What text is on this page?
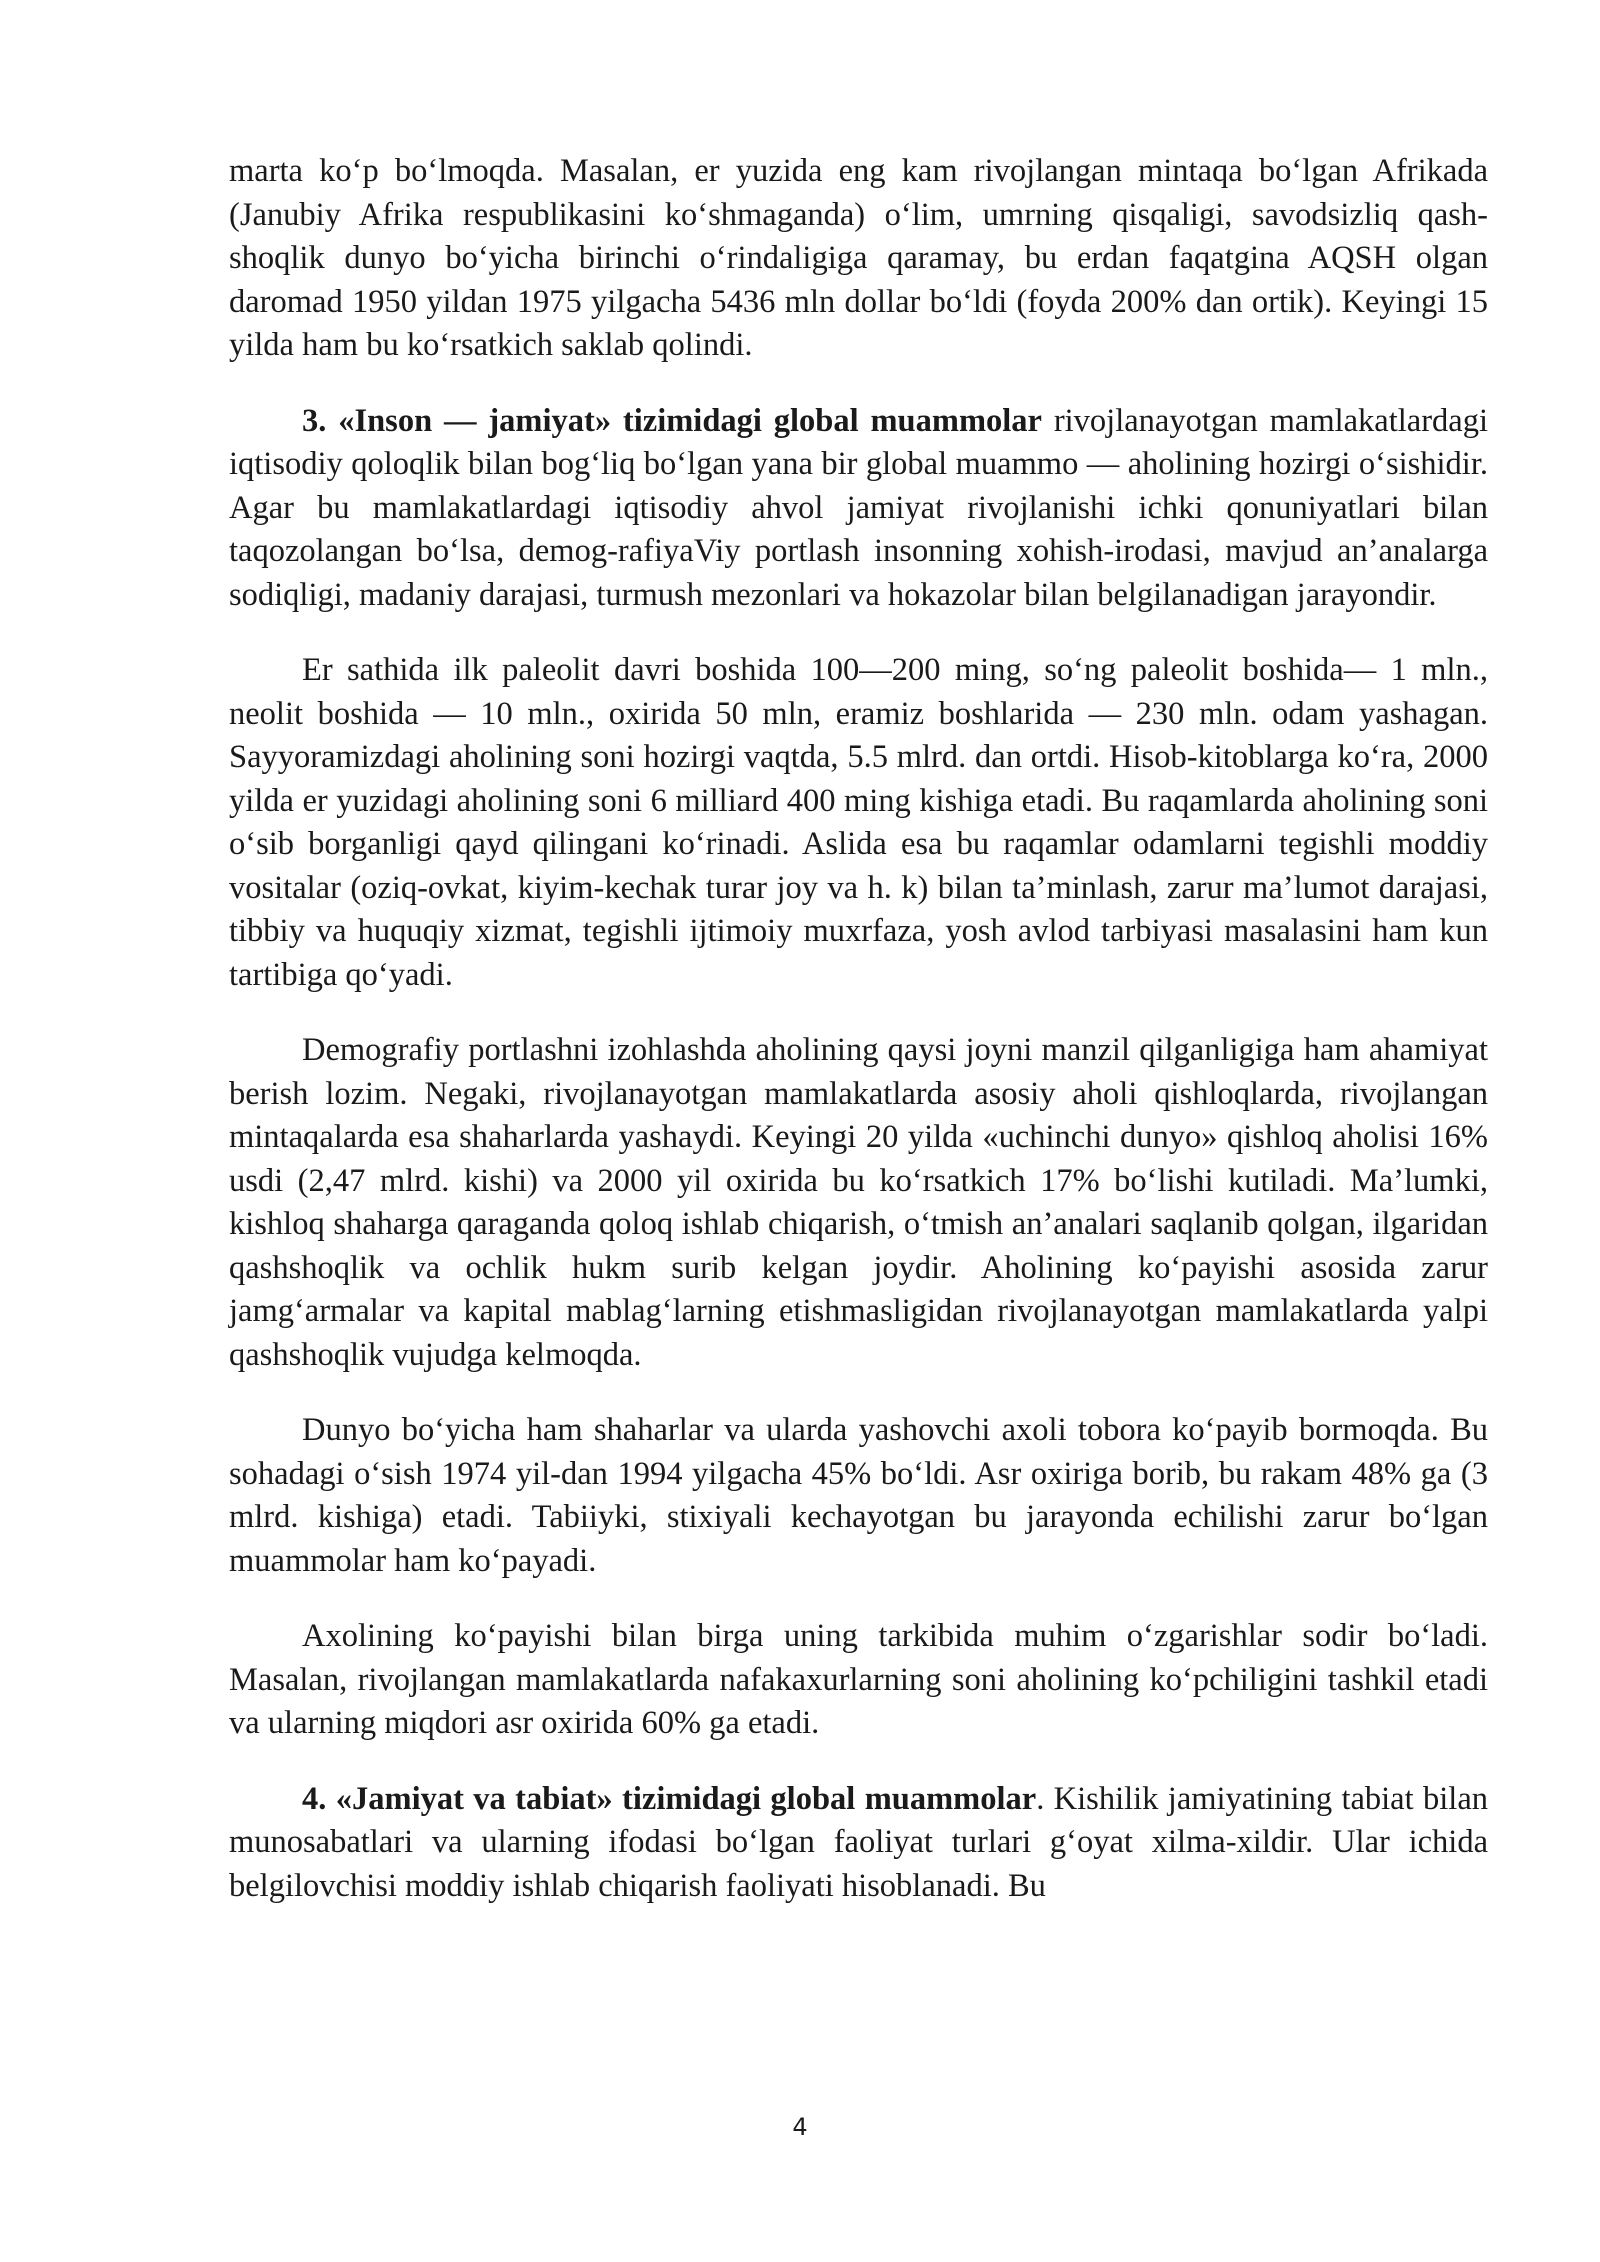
marta ko‘p bo‘lmoqda. Masalan, er yuzida eng kam rivojlangan mintaqa bo‘lgan Afrikada (Janubiy Afrika respublikasini ko‘shmaganda) o‘lim, umrning qisqaligi, savodsizliq qash-shoqlik dunyo bo‘yicha birinchi o‘rindaligiga qaramay, bu erdan faqatgina AQSH olgan daromad 1950 yildan 1975 yilgacha 5436 mln dollar bo‘ldi (foyda 200% dan ortik). Keyingi 15 yilda ham bu ko‘rsatkich saklab qolindi.

3. «Inson — jamiyat» tizimidagi global muammolar rivojlanayotgan mamlakatlardagi iqtisodiy qoloqlik bilan bog‘liq bo‘lgan yana bir global muammo — aholining hozirgi o‘sishidir. Agar bu mamlakatlardagi iqtisodiy ahvol jamiyat rivojlanishi ichki qonuniyatlari bilan taqozolangan bo‘lsa, demog-rafiyaViy portlash insonning xohish-irodasi, mavjud an’analarga sodiqligi, madaniy darajasi, turmush mezonlari va hokazolar bilan belgilanadigan jarayondir.

Er sathida ilk paleolit davri boshida 100—200 ming, so‘ng paleolit boshida— 1 mln., neolit boshida — 10 mln., oxirida 50 mln, eramiz boshlarida — 230 mln. odam yashagan. Sayyoramizdagi aholining soni hozirgi vaqtda, 5.5 mlrd. dan ortdi. Hisob-kitoblarga ko‘ra, 2000 yilda er yuzidagi aholining soni 6 milliard 400 ming kishiga etadi. Bu raqamlarda aholining soni o‘sib borganligi qayd qilingani ko‘rinadi. Aslida esa bu raqamlar odamlarni tegishli moddiy vositalar (oziq-ovkat, kiyim-kechak turar joy va h. k) bilan ta’minlash, zarur ma’lumot darajasi, tibbiy va huquqiy xizmat, tegishli ijtimoiy muxrfaza, yosh avlod tarbiyasi masalasini ham kun tartibiga qo‘yadi.

Demografiy portlashni izohlashda aholining qaysi joyni manzil qilganligiga ham ahamiyat berish lozim. Negaki, rivojlanayotgan mamlakatlarda asosiy aholi qishloqlarda, rivojlangan mintaqalarda esa shaharlarda yashaydi. Keyingi 20 yilda «uchinchi dunyo» qishloq aholisi 16% usdi (2,47 mlrd. kishi) va 2000 yil oxirida bu ko‘rsatkich 17% bo‘lishi kutiladi. Ma’lumki, kishloq shaharga qaraganda qoloq ishlab chiqarish, o‘tmish an’analari saqlanib qolgan, ilgaridan qashshoqlik va ochlik hukm surib kelgan joydir. Aholining ko‘payishi asosida zarur jamg‘armalar va kapital mablag‘larning etishmasligidan rivojlanayotgan mamlakatlarda yalpi qashshoqlik vujudga kelmoqda.

Dunyo bo‘yicha ham shaharlar va ularda yashovchi axoli tobora ko‘payib bormoqda. Bu sohadagi o‘sish 1974 yil-dan 1994 yilgacha 45% bo‘ldi. Asr oxiriga borib, bu rakam 48% ga (3 mlrd. kishiga) etadi. Tabiiyki, stixiyali kechayotgan bu jarayonda echilishi zarur bo‘lgan muammolar ham ko‘payadi.

Axolining ko‘payishi bilan birga uning tarkibida muhim o‘zgarishlar sodir bo‘ladi. Masalan, rivojlangan mamlakatlarda nafakaxurlarning soni aholining ko‘pchiligini tashkil etadi va ularning miqdori asr oxirida 60% ga etadi.

4. «Jamiyat va tabiat» tizimidagi global muammolar. Kishilik jamiyatining tabiat bilan munosabatlari va ularning ifodasi bo‘lgan faoliyat turlari g‘oyat xilma-xildir. Ular ichida belgilovchisi moddiy ishlab chiqarish faoliyati hisoblanadi. Bu

4
